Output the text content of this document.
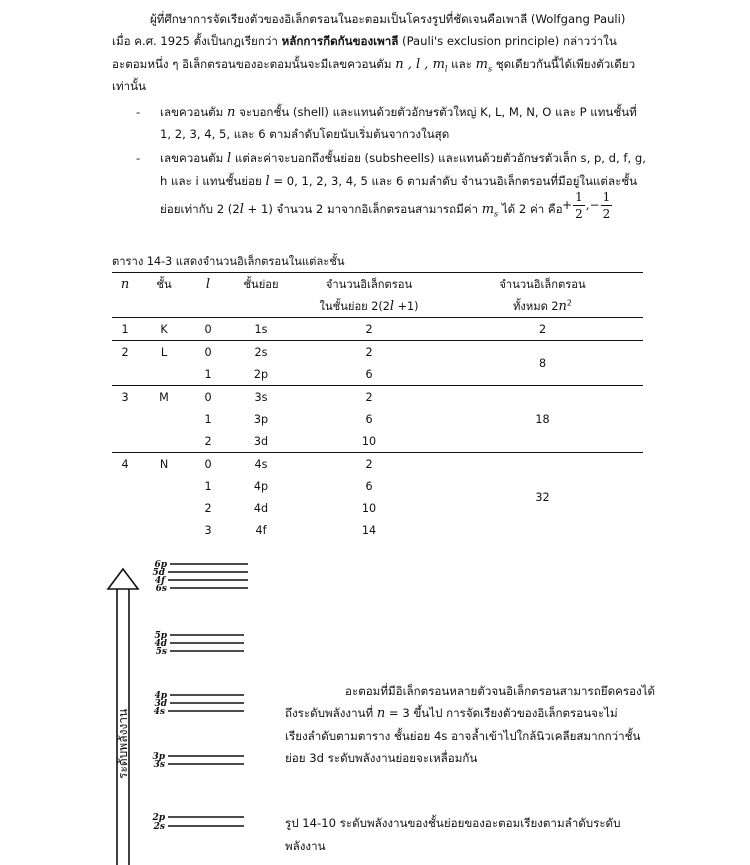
ผู้ที่ศึกษาการจัดเรียงตัวของอิเล็กตรอนในอะตอมเป็นโครงรูปที่ชัดเจนคือเพาลี (Wolfgang Pauli)
เมื่อ ค.ศ. 1925 ตั้งเป็นกฎเรียกว่า หลักการกีดกันของเพาลี (Pauli's exclusion principle) กล่าวว่าใน
อะตอมหนึ่ง ๆ อิเล็กตรอนของอะตอมนั้นจะมีเลขควอนตัม n , l , $m_l$ และ $m_s$ ชุดเดียวกันนี้ได้เพียงตัวเดียว
เท่านั้น
- เลขควอนตัม n จะบอกชั้น (shell) และแทนด้วยตัวอักษรตัวใหญ่ K, L, M, N, O และ P แทนชั้นที่
1, 2, 3, 4, 5, และ 6 ตามลำดับโดยนับเริ่มต้นจากวงในสุด
- เลขควอนตัม l แต่ละค่าจะบอกถึงชั้นย่อย (subsheells) และแทนด้วยตัวอักษรตัวเล็ก s, p, d, f, g,
h และ i แทนชั้นย่อย l = 0, 1, 2, 3, 4, 5 และ 6 ตามลำดับ จำนวนอิเล็กตรอนที่มีอยู่ในแต่ละชั้น
ย่อยเท่ากับ 2 (2l + 1) จำนวน 2 มาจากอิเล็กตรอนสามารถมีค่า $m_s$ ได้ 2 ค่า คือ + $\frac{1}{2}$ ,− $\frac{1}{2}$
ตาราง 14-3 แสดงจำนวนอิเล็กตรอนในแต่ละชั้น
n	ชั้น	l	ชั้นย่อย	จำนวนอิเล็กตรอน	จำนวนอิเล็กตรอน
				ในชั้นย่อย 2(2l +1)	ทั้งหมด $2n^2$
1	K	0	1s	2	2
2	L	0	2s	2	8
		1	2p	6	
3	M	0	3s	2	18
		1	3p	6	
		2	3d	10	
4	N	0	4s	2	32
		1	4p	6	
		2	4d	10	
		3	4f	14	
ระดับพลังงาน
6p
5d
4f
6s
5p
4d
5s
4p
3d
4s
3p
3s
2p
2s
อะตอมที่มีอิเล็กตรอนหลายตัวจนอิเล็กตรอนสามารถยึดครองได้
ถึงระดับพลังงานที่ n = 3 ขึ้นไป การจัดเรียงตัวของอิเล็กตรอนจะไม่
เรียงลำดับตามตาราง ชั้นย่อย 4s อาจล้ำเข้าไปใกล้นิวเคลียสมากกว่าชั้น
ย่อย 3d ระดับพลังงานย่อยจะเหลื่อมกัน
รูป 14-10 ระดับพลังงานของชั้นย่อยของอะตอมเรียงตามลำดับระดับ
พลังงาน
